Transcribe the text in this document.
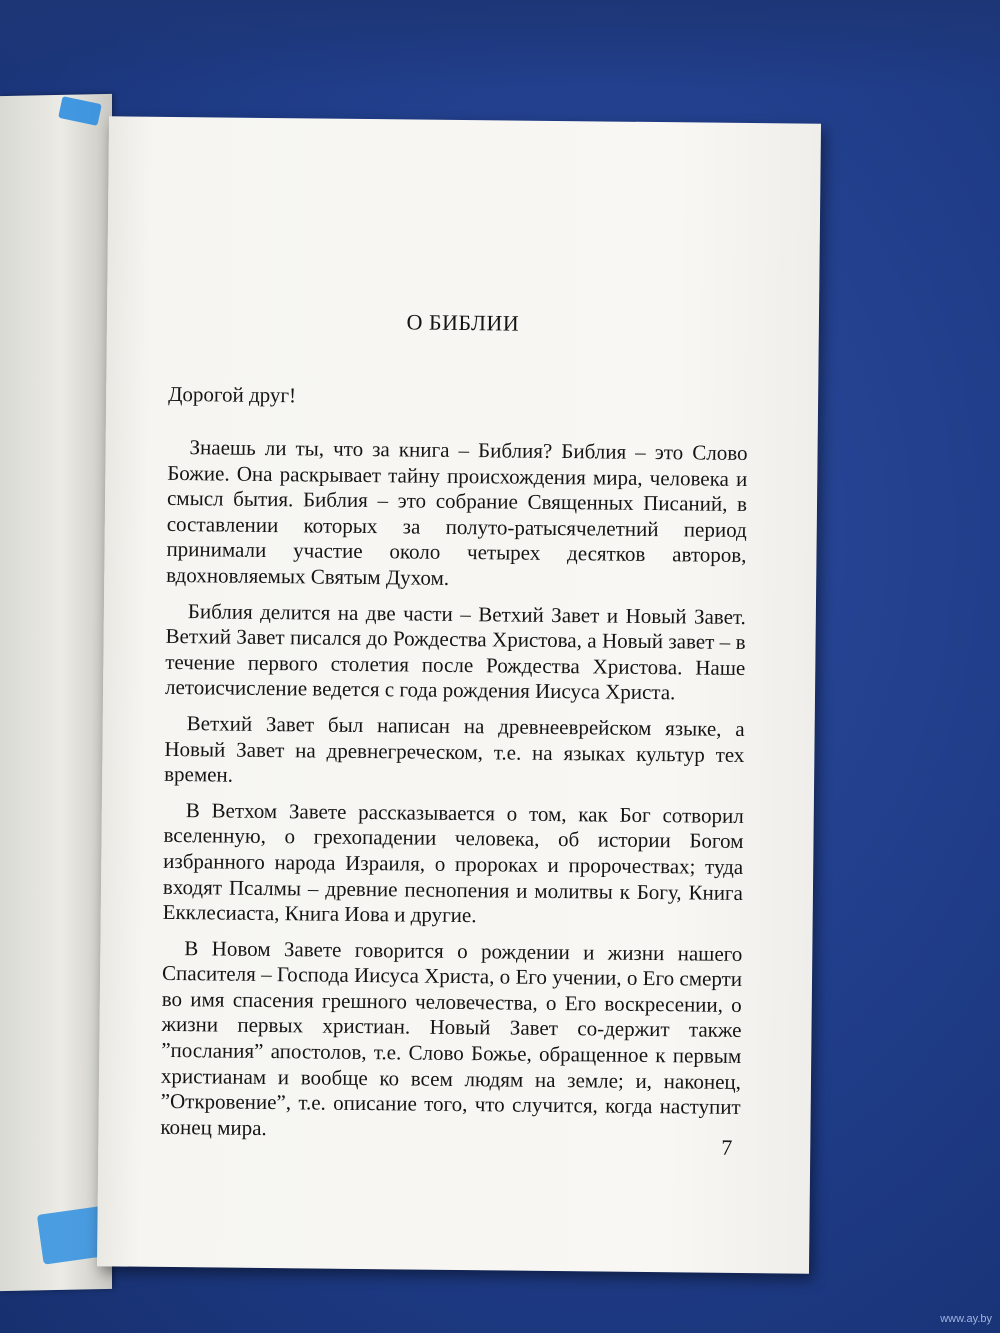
О БИБЛИИ
Дорогой друг!

Знаешь ли ты, что за книга – Библия? Библия – это Слово Божие. Она раскрывает тайну происхождения мира, человека и смысл бытия. Библия – это собрание Священных Писаний, в составлении которых за полуто-ратысячелетний период принимали участие около четырех десятков авторов, вдохновляемых Святым Духом.

Библия делится на две части – Ветхий Завет и Новый Завет. Ветхий Завет писался до Рождества Христова, а Новый завет – в течение первого столетия после Рождества Христова. Наше летоисчисление ведется с года рождения Иисуса Христа.

Ветхий Завет был написан на древнееврейском языке, а Новый Завет на древнегреческом, т.е. на языках культур тех времен.

В Ветхом Завете рассказывается о том, как Бог сотворил вселенную, о грехопадении человека, об истории Богом избранного народа Израиля, о пророках и пророчествах; туда входят Псалмы – древние песнопения и молитвы к Богу, Книга Екклесиаста, Книга Иова и другие.

В Новом Завете говорится о рождении и жизни нашего Спасителя – Господа Иисуса Христа, о Его учении, о Его смерти во имя спасения грешного человечества, о Его воскресении, о жизни первых христиан. Новый Завет со-держит также ”послания” апостолов, т.е. Слово Божье, обращенное к первым христианам и вообще ко всем людям на земле; и, наконец, ”Откровение”, т.е. описание того, что случится, когда наступит конец мира.

7
www.ay.by
